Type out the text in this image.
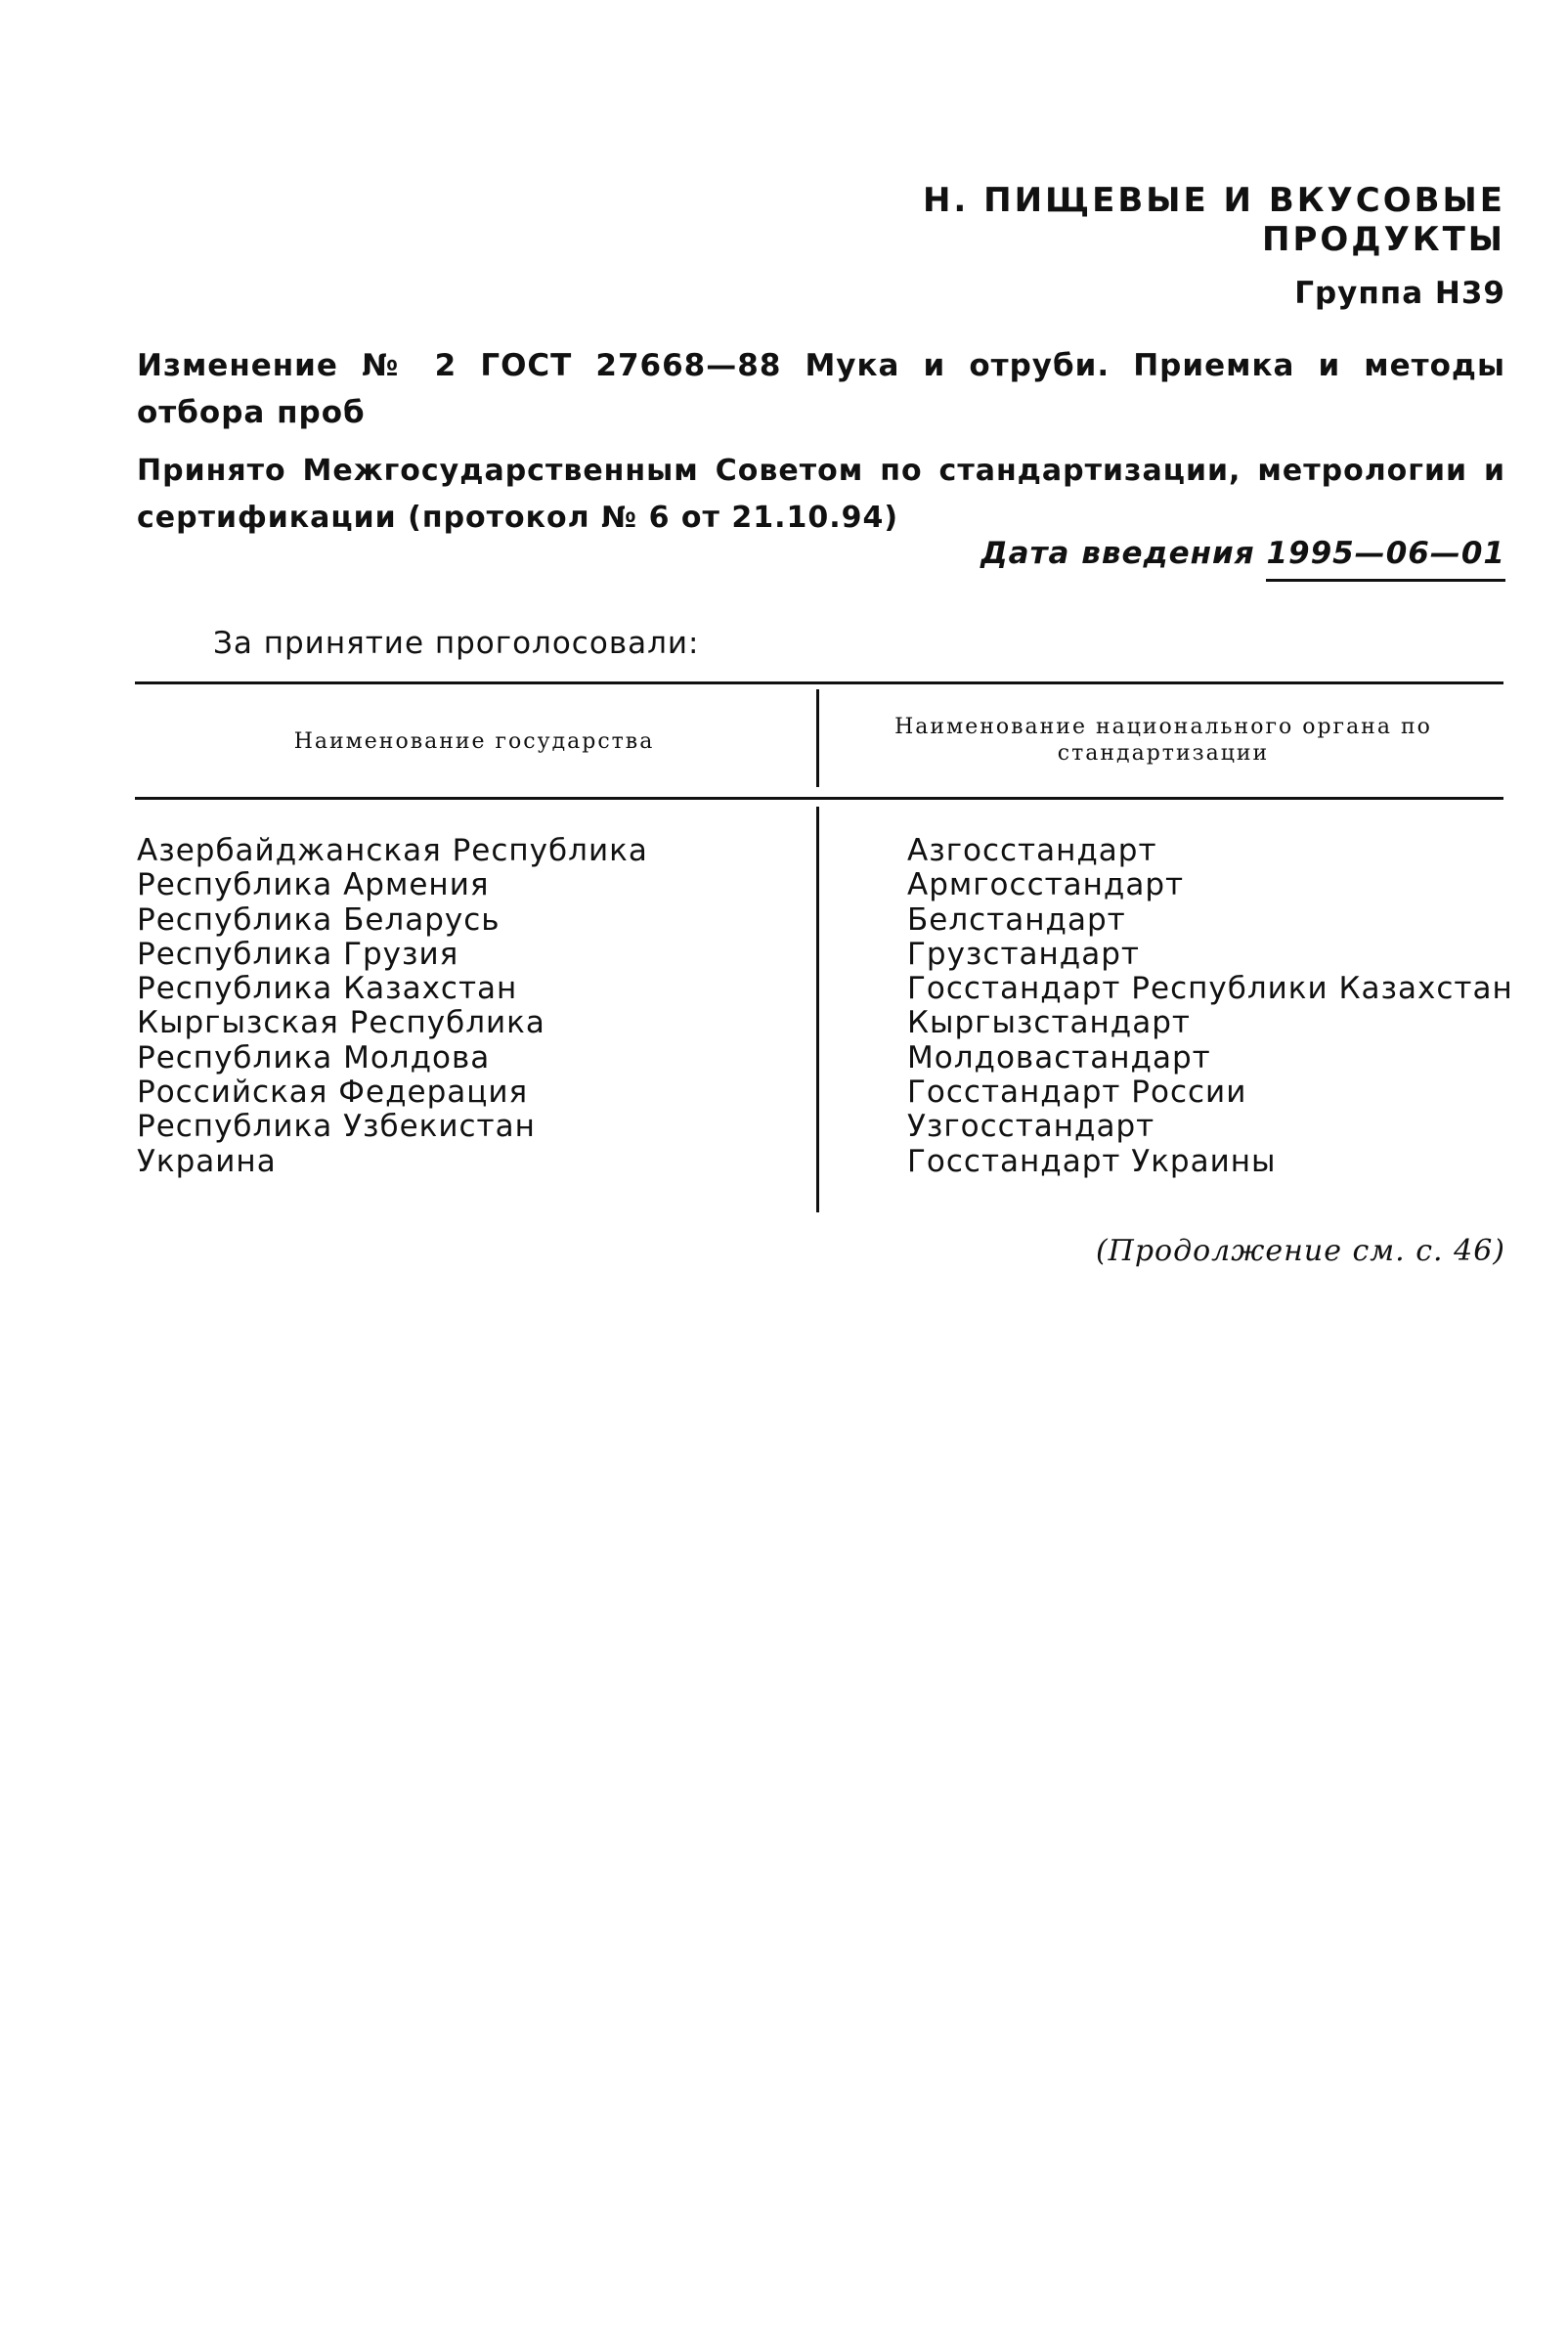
Н. ПИЩЕВЫЕ И ВКУСОВЫЕ ПРОДУКТЫ
Группа Н39
Изменение № 2 ГОСТ 27668—88 Мука и отруби. Приемка и методы отбора проб
Принято Межгосударственным Советом по стандартизации, метрологии и сертификации (протокол № 6 от 21.10.94)
Дата введения 1995—06—01
За принятие проголосовали:
Наименование государства
Наименование национального органа по стандартизации
Азербайджанская Республика
Республика Армения
Республика Беларусь
Республика Грузия
Республика Казахстан
Кыргызская Республика
Республика Молдова
Российская Федерация
Республика Узбекистан
Украина
Азгосстандарт
Армгосстандарт
Белстандарт
Грузстандарт
Госстандарт Республики Казахстан
Кыргызстандарт
Молдовастандарт
Госстандарт России
Узгосстандарт
Госстандарт Украины
(Продолжение см. с. 46)
